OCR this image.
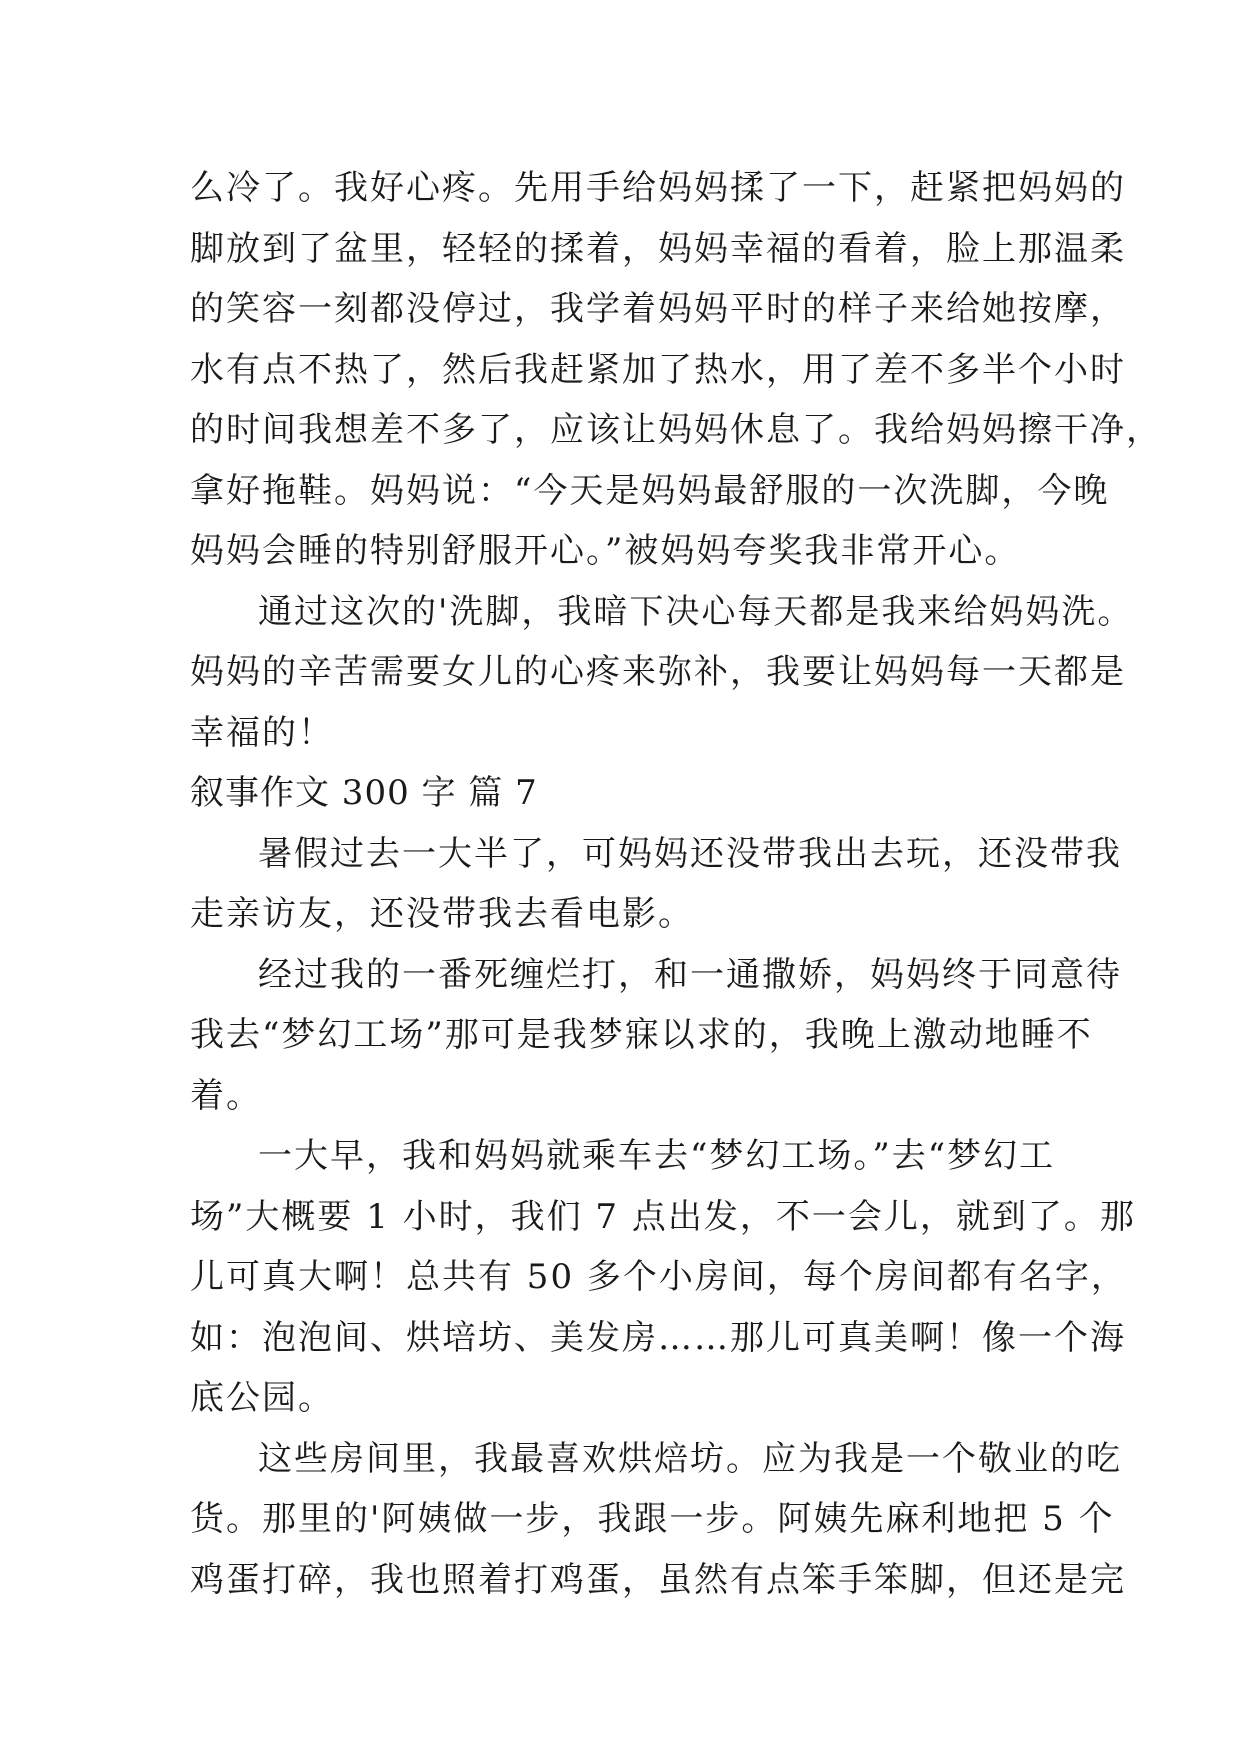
么冷了。我好心疼。先用手给妈妈揉了一下，赶紧把妈妈的
脚放到了盆里，轻轻的揉着，妈妈幸福的看着，脸上那温柔
的笑容一刻都没停过，我学着妈妈平时的样子来给她按摩，
水有点不热了，然后我赶紧加了热水，用了差不多半个小时
的时间我想差不多了，应该让妈妈休息了。我给妈妈擦干净，
拿好拖鞋。妈妈说：“今天是妈妈最舒服的一次洗脚，今晚
妈妈会睡的特别舒服开心。”被妈妈夸奖我非常开心。
通过这次的'洗脚，我暗下决心每天都是我来给妈妈洗。
妈妈的辛苦需要女儿的心疼来弥补，我要让妈妈每一天都是
幸福的！
叙事作文 300 字 篇 7
暑假过去一大半了，可妈妈还没带我出去玩，还没带我
走亲访友，还没带我去看电影。
经过我的一番死缠烂打，和一通撒娇，妈妈终于同意待
我去“梦幻工场”那可是我梦寐以求的，我晚上激动地睡不
着。
一大早，我和妈妈就乘车去“梦幻工场。”去“梦幻工
场”大概要 1 小时，我们 7 点出发，不一会儿，就到了。那
儿可真大啊！总共有 50 多个小房间，每个房间都有名字，
如：泡泡间、烘培坊、美发房……那儿可真美啊！像一个海
底公园。
这些房间里，我最喜欢烘焙坊。应为我是一个敬业的吃
货。那里的'阿姨做一步，我跟一步。阿姨先麻利地把 5 个
鸡蛋打碎，我也照着打鸡蛋，虽然有点笨手笨脚，但还是完
